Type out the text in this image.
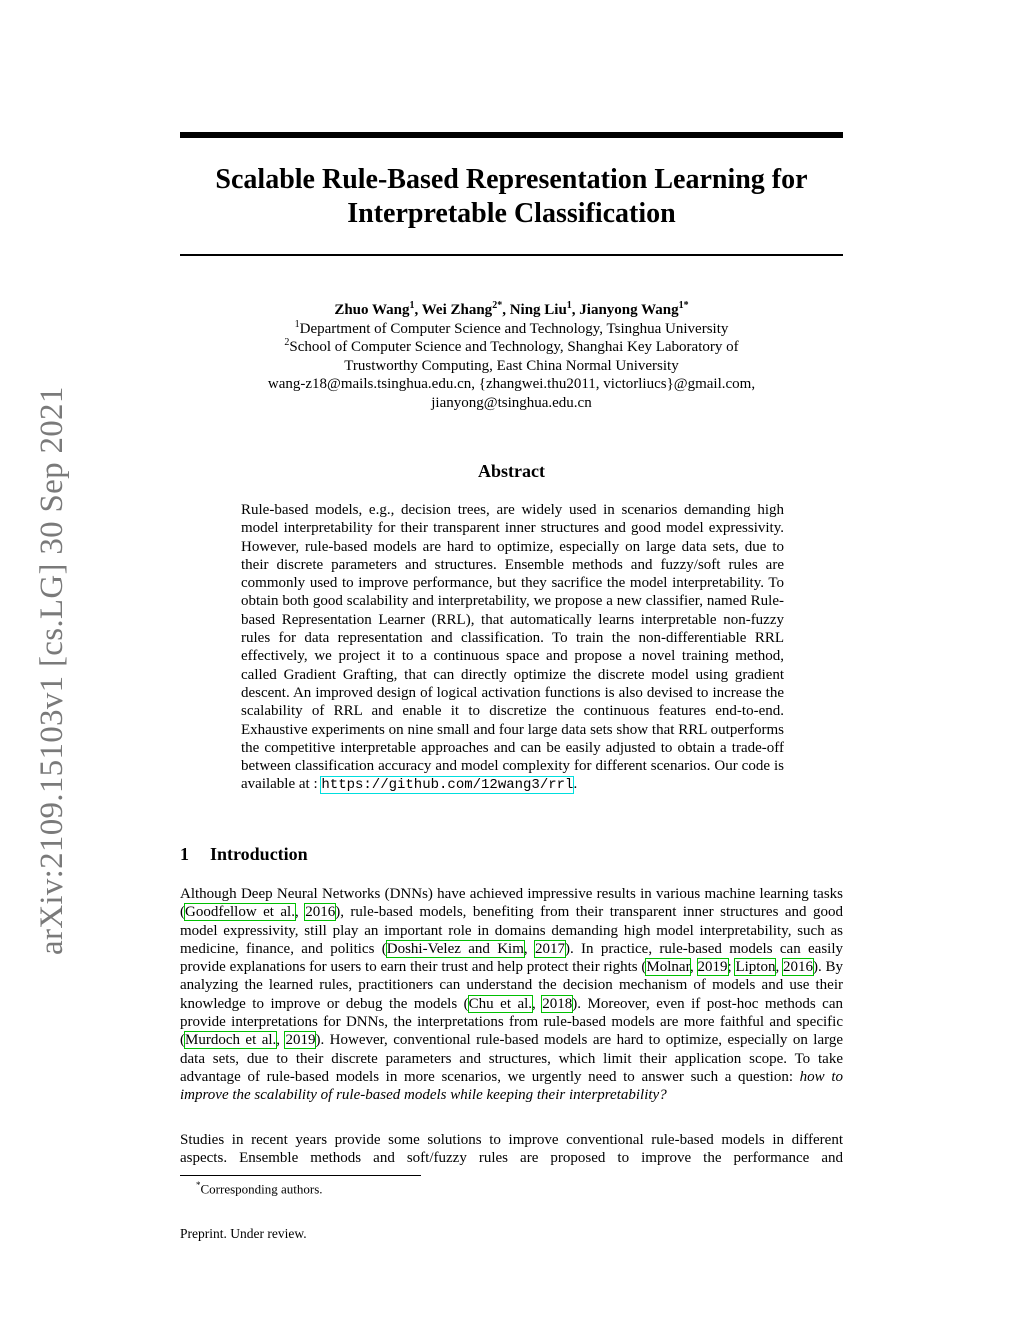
arXiv:2109.15103v1 [cs.LG] 30 Sep 2021
Scalable Rule-Based Representation Learning for Interpretable Classification
Zhuo Wang$^1$, Wei Zhang$^{2*}$, Ning Liu$^1$, Jianyong Wang$^{1*}$
$^1$Department of Computer Science and Technology, Tsinghua University
$^2$School of Computer Science and Technology, Shanghai Key Laboratory of
Trustworthy Computing, East China Normal University
wang-z18@mails.tsinghua.edu.cn, {zhangwei.thu2011, victorliucs}@gmail.com,
jianyong@tsinghua.edu.cn
Abstract
Rule-based models, e.g., decision trees, are widely used in scenarios demanding high model interpretability for their transparent inner structures and good model expressivity. However, rule-based models are hard to optimize, especially on large data sets, due to their discrete parameters and structures. Ensemble methods and fuzzy/soft rules are commonly used to improve performance, but they sacrifice the model interpretability. To obtain both good scalability and interpretability, we propose a new classifier, named Rule-based Representation Learner (RRL), that automatically learns interpretable non-fuzzy rules for data representation and classification. To train the non-differentiable RRL effectively, we project it to a continuous space and propose a novel training method, called Gradient Grafting, that can directly optimize the discrete model using gradient descent. An improved design of logical activation functions is also devised to increase the scalability of RRL and enable it to discretize the continuous features end-to-end. Exhaustive experiments on nine small and four large data sets show that RRL outperforms the competitive interpretable approaches and can be easily adjusted to obtain a trade-off between classification accuracy and model complexity for different scenarios. Our code is available at : https://github.com/12wang3/rrl.
1 Introduction
Although Deep Neural Networks (DNNs) have achieved impressive results in various machine learning tasks (Goodfellow et al., 2016), rule-based models, benefiting from their transparent inner structures and good model expressivity, still play an important role in domains demanding high model interpretability, such as medicine, finance, and politics (Doshi-Velez and Kim, 2017). In practice, rule-based models can easily provide explanations for users to earn their trust and help protect their rights (Molnar, 2019; Lipton, 2016). By analyzing the learned rules, practitioners can understand the decision mechanism of models and use their knowledge to improve or debug the models (Chu et al., 2018). Moreover, even if post-hoc methods can provide interpretations for DNNs, the interpretations from rule-based models are more faithful and specific (Murdoch et al., 2019). However, conventional rule-based models are hard to optimize, especially on large data sets, due to their discrete parameters and structures, which limit their application scope. To take advantage of rule-based models in more scenarios, we urgently need to answer such a question: how to improve the scalability of rule-based models while keeping their interpretability?
Studies in recent years provide some solutions to improve conventional rule-based models in different aspects. Ensemble methods and soft/fuzzy rules are proposed to improve the performance and
*Corresponding authors.
Preprint. Under review.
